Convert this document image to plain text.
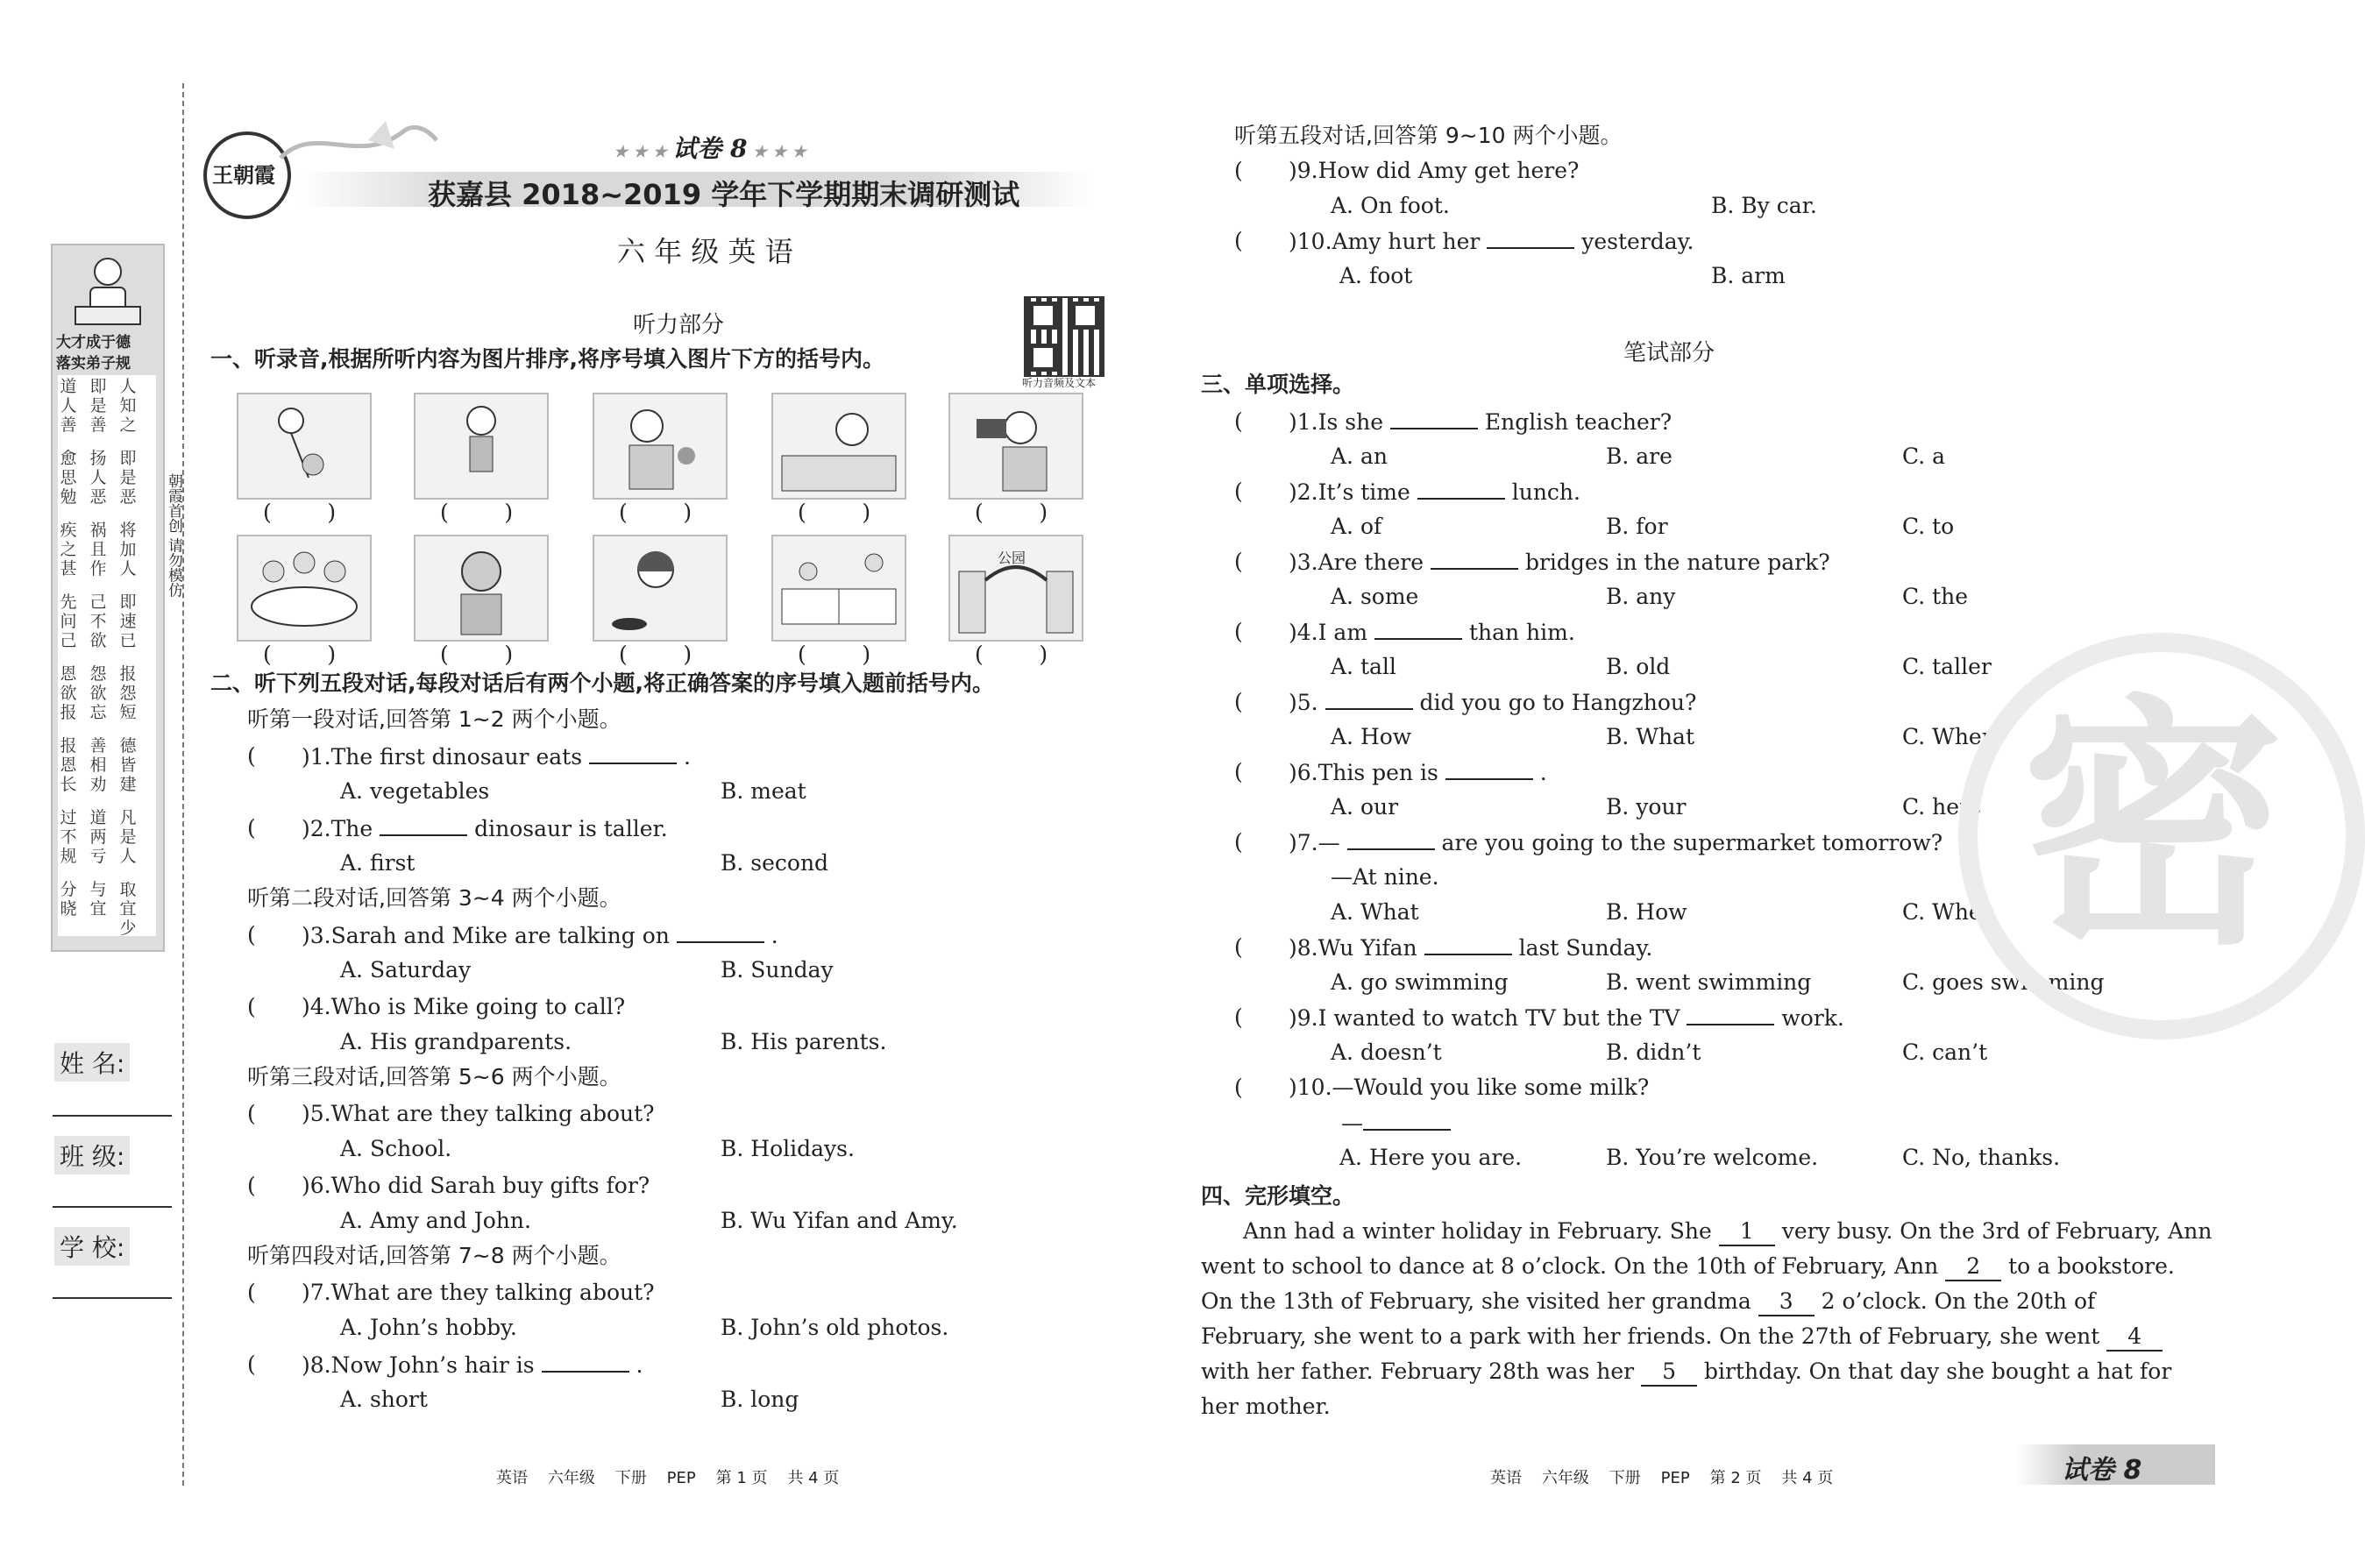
大才成于德
落实弟子规
道人善
即是善
人知之
愈思勉
扬人恶
即是恶
疾之甚
祸且作
将加人
先问己
己不欲
即速已
恩欲报
怨欲忘
报怨短
报恩长
善相劝
德皆建
过不规
道两亏
凡是人
分晓
与宜
取宜少
朝霞首创 请勿模仿
姓 名:
班 级:
学 校:
王朝霞
★ ★ ★ 试卷 8 ★ ★ ★
获嘉县 2018~2019 学年下学期期末调研测试
六 年 级 英 语
听力部分
听力音频及文本
一、听录音,根据所听内容为图片排序,将序号填入图片下方的括号内。
(        )	(        )	(        )	(        )	(        )
(        )	(        )	(        )	(        )
公园
(        )
二、听下列五段对话,每段对话后有两个小题,将正确答案的序号填入题前括号内。
听第一段对话,回答第 1~2 两个小题。
( )1.The first dinosaur eats	.
A. vegetables	B. meat
( )2.The	dinosaur is taller.
A. first	B. second
听第二段对话,回答第 3~4 两个小题。
( )3.Sarah and Mike are talking on	.
A. Saturday	B. Sunday
( )4.Who is Mike going to call?
A. His grandparents.	B. His parents.
听第三段对话,回答第 5~6 两个小题。
( )5.What are they talking about?
A. School.	B. Holidays.
( )6.Who did Sarah buy gifts for?
A. Amy and John.	B. Wu Yifan and Amy.
听第四段对话,回答第 7~8 两个小题。
( )7.What are they talking about?
A. John’s hobby.	B. John’s old photos.
( )8.Now John’s hair is	.
A. short	B. long
听第五段对话,回答第 9~10 两个小题。
( )9.How did Amy get here?
A. On foot.	B. By car.
( )10.Amy hurt her	yesterday.
A. foot	B. arm
笔试部分
三、单项选择。
( )1.Is she	English teacher?
A. an	B. are	C. a
( )2.It’s time	lunch.
A. of	B. for	C. to
( )3.Are there	bridges in the nature park?
A. some	B. any	C. the
( )4.I am	than him.
A. tall	B. old	C. taller
( )5.	did you go to Hangzhou?
A. How	B. What	C. Where
( )6.This pen is	.
A. our	B. your	C. hers
( )7.—	are you going to the supermarket tomorrow?
—At nine.
A. What	B. How	C. When
( )8.Wu Yifan	last Sunday.
A. go swimming	B. went swimming	C. goes swimming
( )9.I wanted to watch TV but the TV	work.
A. doesn’t	B. didn’t	C. can’t
( )10.—Would you like some milk?
—
A. Here you are.	B. You’re welcome.	C. No, thanks.
四、完形填空。
Ann had a winter holiday in February. She 1 very busy. On the 3rd of February, Ann
went to school to dance at 8 o’clock. On the 10th of February, Ann 2 to a bookstore.
On the 13th of February, she visited her grandma 3 2 o’clock. On the 20th of
February, she went to a park with her friends. On the 27th of February, she went 4
with her father. February 28th was her 5 birthday. On that day she bought a hat for
her mother.
密
英语    六年级    下册    PEP    第 1 页    共 4 页	英语    六年级    下册    PEP    第 2 页    共 4 页	试卷 8
